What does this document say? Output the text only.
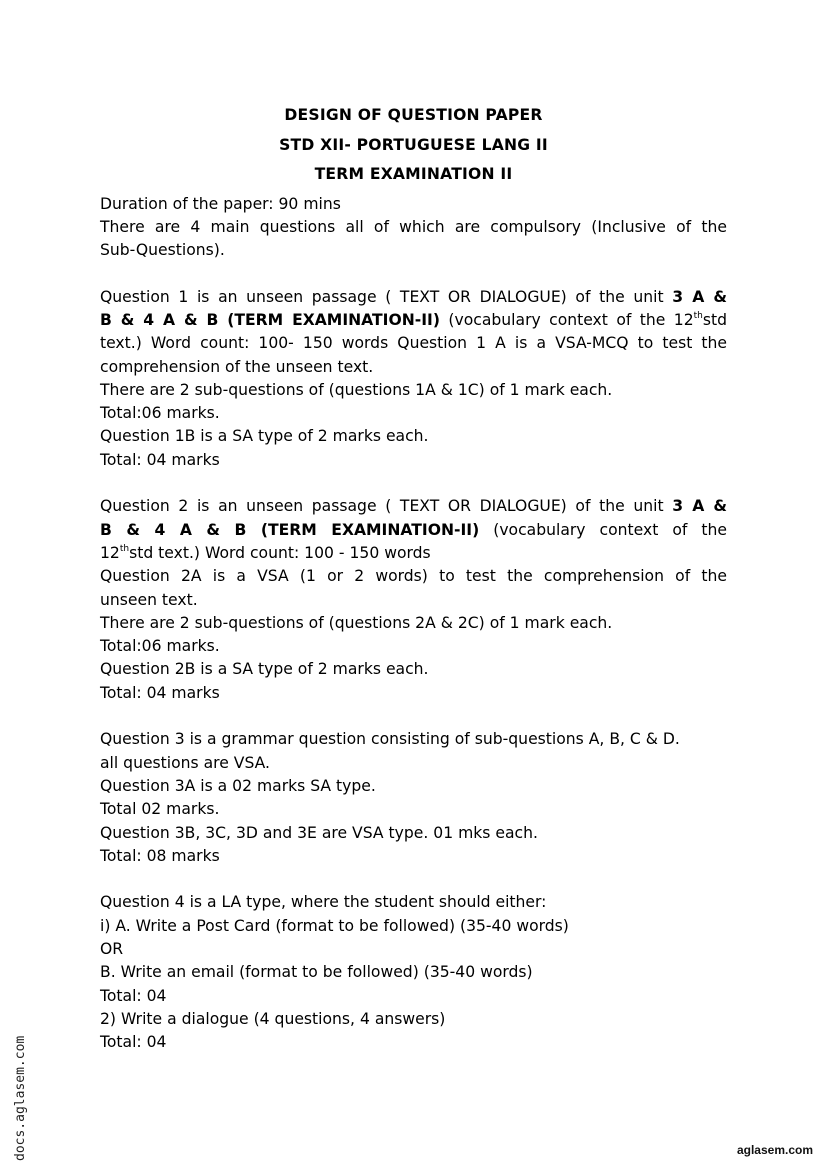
DESIGN OF QUESTION PAPER

STD XII- PORTUGUESE LANG II

TERM EXAMINATION II

Duration of the paper: 90 mins

There are 4 main questions all of which are compulsory (Inclusive of the

Sub-Questions).

Question 1 is an unseen passage ( TEXT OR DIALOGUE) of the unit 3 A &

B & 4 A & B (TERM EXAMINATION-II) (vocabulary context of the 12thstd

text.) Word count: 100- 150 words Question 1 A is a VSA-MCQ to test the

comprehension of the unseen text.

There are 2 sub-questions of (questions 1A & 1C) of 1 mark each.

Total:06 marks.

Question 1B is a SA type of 2 marks each.

Total: 04 marks

Question 2 is an unseen passage ( TEXT OR DIALOGUE) of the unit 3 A &

B & 4 A & B (TERM EXAMINATION-II) (vocabulary context of the

12thstd text.) Word count: 100 - 150 words

Question 2A is a VSA (1 or 2 words) to test the comprehension of the

unseen text.

There are 2 sub-questions of (questions 2A & 2C) of 1 mark each.

Total:06 marks.

Question 2B is a SA type of 2 marks each.

Total: 04 marks

Question 3 is a grammar question consisting of sub-questions A, B, C & D.

all questions are VSA.

Question 3A is a 02 marks SA type.

Total 02 marks.

Question 3B, 3C, 3D and 3E are VSA type. 01 mks each.

Total: 08 marks

Question 4 is a LA type, where the student should either:

i) A. Write a Post Card (format to be followed) (35-40 words)

OR

B. Write an email (format to be followed) (35-40 words)

Total: 04

2) Write a dialogue (4 questions, 4 answers)

Total: 04

docs.aglasem.com	aglasem.com
